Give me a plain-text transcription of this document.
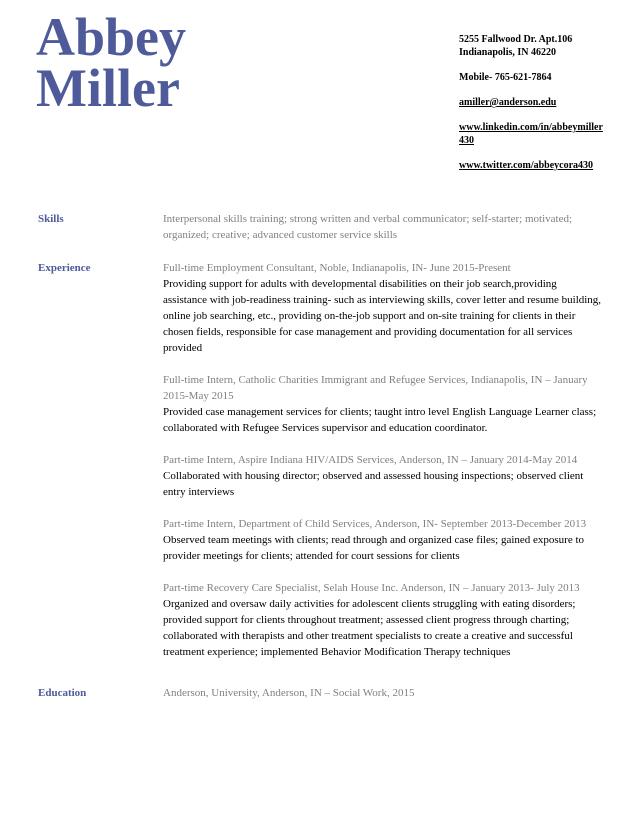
Abbey
Miller
5255 Fallwood Dr. Apt.106
Indianapolis, IN 46220
Mobile- 765-621-7864
amiller@anderson.edu
www.linkedin.com/in/abbeymiller
430
www.twitter.com/abbeycora430
Skills	Interpersonal skills training; strong written and verbal communicator; self-starter; motivated; organized; creative; advanced customer service skills
Experience	Full-time Employment Consultant, Noble, Indianapolis, IN- June 2015-Present
Providing support for adults with developmental disabilities on their job search,providing assistance with job-readiness training- such as interviewing skills, cover letter and resume building, online job searching, etc., providing on-the-job support and on-site training for clients in their chosen fields, responsible for case management and providing documentation for all services provided
Full-time Intern, Catholic Charities Immigrant and Refugee Services, Indianapolis, IN – January 2015-May 2015
Provided case management services for clients; taught intro level English Language Learner class; collaborated with Refugee Services supervisor and education coordinator.
Part-time Intern, Aspire Indiana HIV/AIDS Services, Anderson, IN – January 2014-May 2014
Collaborated with housing director; observed and assessed housing inspections; observed client entry interviews
Part-time Intern, Department of Child Services, Anderson, IN- September 2013-December 2013
Observed team meetings with clients; read through and organized case files; gained exposure to provider meetings for clients; attended for court sessions for clients
Part-time Recovery Care Specialist, Selah House Inc. Anderson, IN – January 2013- July 2013
Organized and oversaw daily activities for adolescent clients struggling with eating disorders; provided support for clients throughout treatment; assessed client progress through charting; collaborated with therapists and other treatment specialists to create a creative and successful treatment experience; implemented Behavior Modification Therapy techniques
Education	Anderson, University, Anderson, IN – Social Work, 2015
